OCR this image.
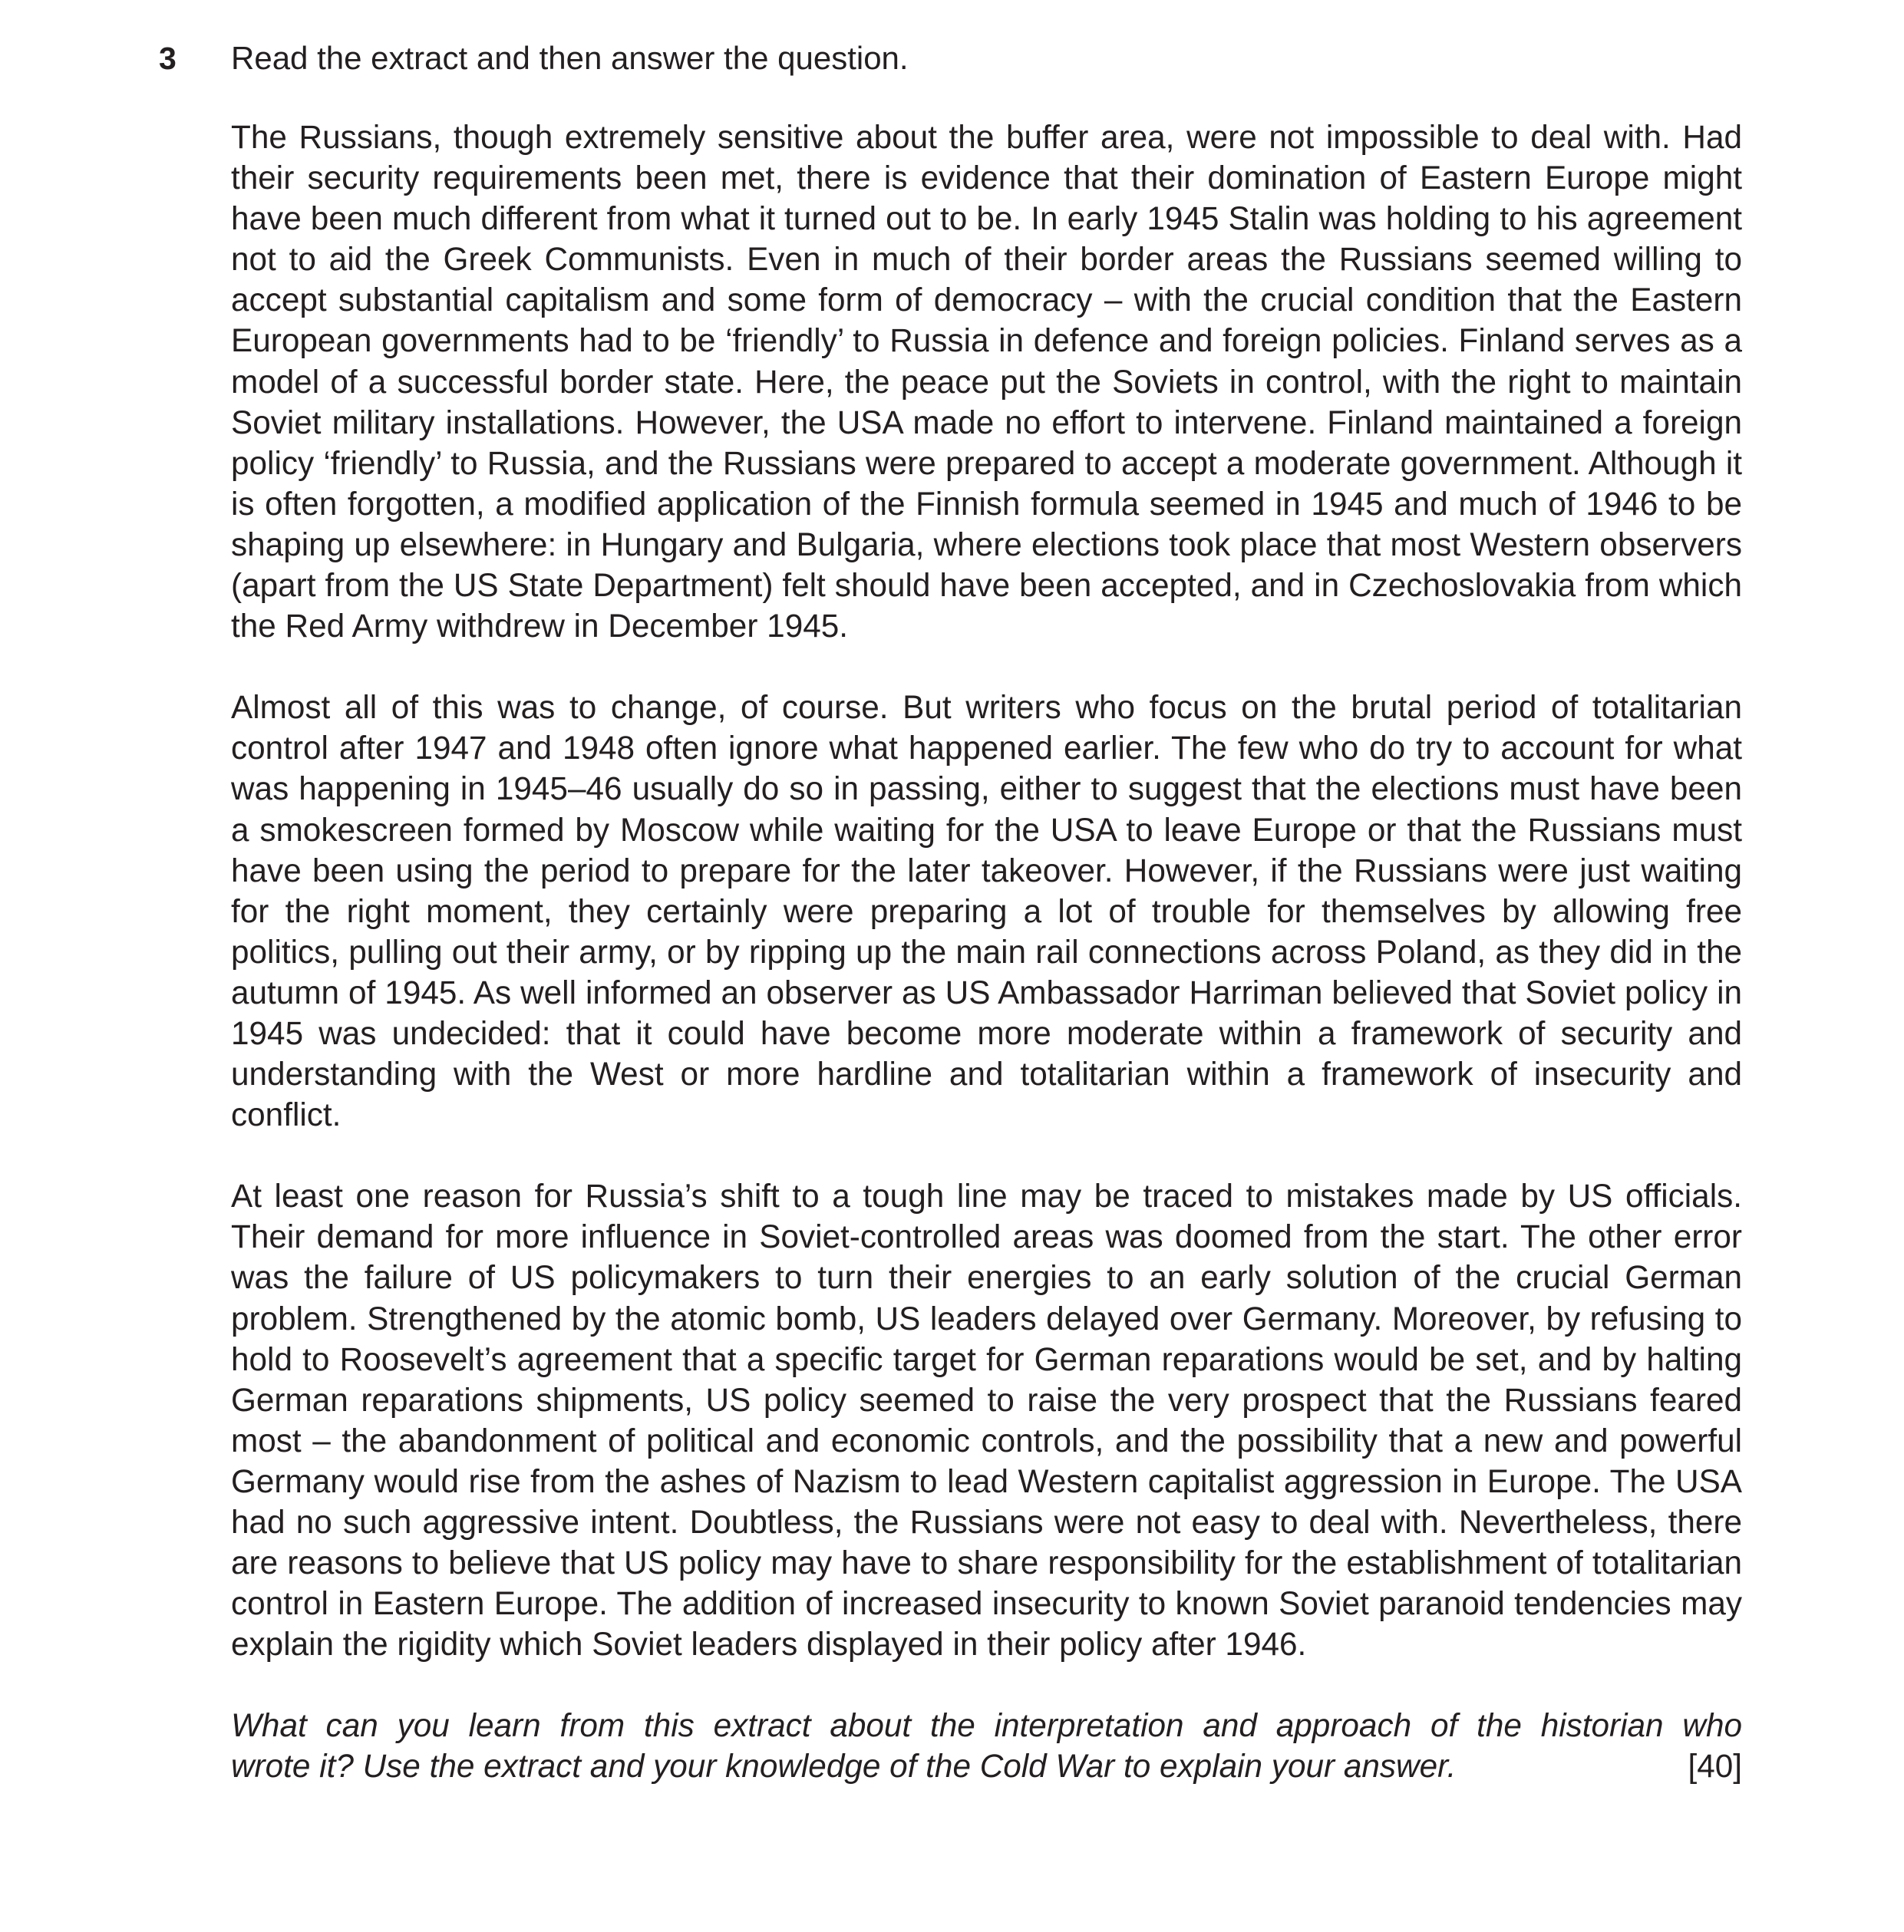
3 Read the extract and then answer the question.

The Russians, though extremely sensitive about the buffer area, were not impossible to deal with. Had their security requirements been met, there is evidence that their domination of Eastern Europe might have been much different from what it turned out to be. In early 1945 Stalin was holding to his agreement not to aid the Greek Communists. Even in much of their border areas the Russians seemed willing to accept substantial capitalism and some form of democracy – with the crucial condition that the Eastern European governments had to be ‘friendly’ to Russia in defence and foreign policies. Finland serves as a model of a successful border state. Here, the peace put the Soviets in control, with the right to maintain Soviet military installations. However, the USA made no effort to intervene. Finland maintained a foreign policy ‘friendly’ to Russia, and the Russians were prepared to accept a moderate government. Although it is often forgotten, a modified application of the Finnish formula seemed in 1945 and much of 1946 to be shaping up elsewhere: in Hungary and Bulgaria, where elections took place that most Western observers (apart from the US State Department) felt should have been accepted, and in Czechoslovakia from which the Red Army withdrew in December 1945.

Almost all of this was to change, of course. But writers who focus on the brutal period of totalitarian control after 1947 and 1948 often ignore what happened earlier. The few who do try to account for what was happening in 1945–46 usually do so in passing, either to suggest that the elections must have been a smokescreen formed by Moscow while waiting for the USA to leave Europe or that the Russians must have been using the period to prepare for the later takeover. However, if the Russians were just waiting for the right moment, they certainly were preparing a lot of trouble for themselves by allowing free politics, pulling out their army, or by ripping up the main rail connections across Poland, as they did in the autumn of 1945. As well informed an observer as US Ambassador Harriman believed that Soviet policy in 1945 was undecided: that it could have become more moderate within a framework of security and understanding with the West or more hardline and totalitarian within a framework of insecurity and conflict.

At least one reason for Russia’s shift to a tough line may be traced to mistakes made by US officials. Their demand for more influence in Soviet-controlled areas was doomed from the start. The other error was the failure of US policymakers to turn their energies to an early solution of the crucial German problem. Strengthened by the atomic bomb, US leaders delayed over Germany. Moreover, by refusing to hold to Roosevelt’s agreement that a specific target for German reparations would be set, and by halting German reparations shipments, US policy seemed to raise the very prospect that the Russians feared most – the abandonment of political and economic controls, and the possibility that a new and powerful Germany would rise from the ashes of Nazism to lead Western capitalist aggression in Europe. The USA had no such aggressive intent. Doubtless, the Russians were not easy to deal with. Nevertheless, there are reasons to believe that US policy may have to share responsibility for the establishment of totalitarian control in Eastern Europe. The addition of increased insecurity to known Soviet paranoid tendencies may explain the rigidity which Soviet leaders displayed in their policy after 1946.

What can you learn from this extract about the interpretation and approach of the historian who
wrote it? Use the extract and your knowledge of the Cold War to explain your answer.	[40]
